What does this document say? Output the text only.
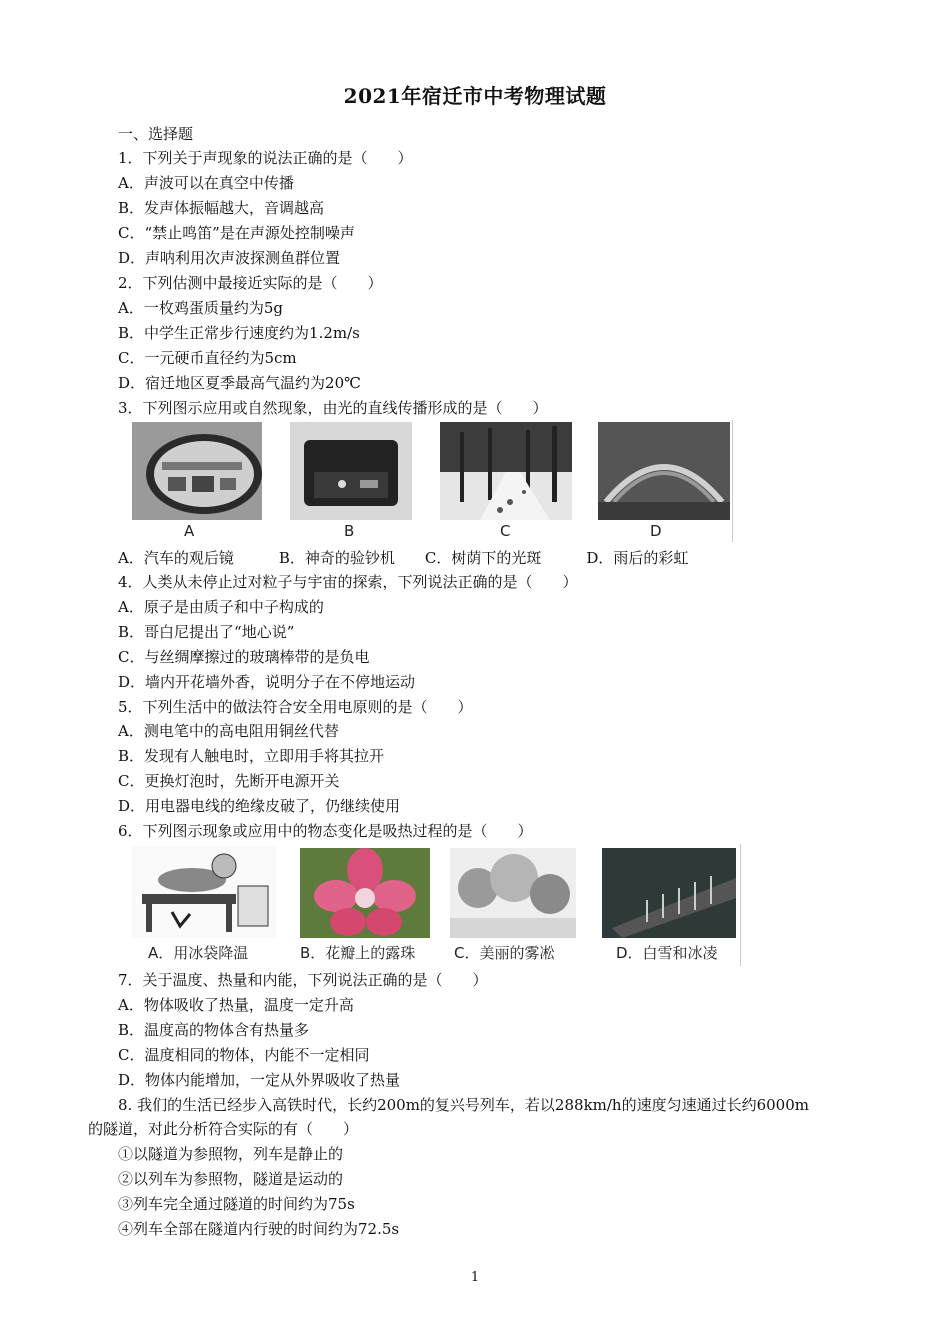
2021年宿迁市中考物理试题
一、选择题
1．下列关于声现象的说法正确的是（　　）
A．声波可以在真空中传播
B．发声体振幅越大，音调越高
C．“禁止鸣笛”是在声源处控制噪声
D．声呐利用次声波探测鱼群位置
2．下列估测中最接近实际的是（　　）
A．一枚鸡蛋质量约为5g
B．中学生正常步行速度约为1.2m/s
C．一元硬币直径约为5cm
D．宿迁地区夏季最高气温约为20℃
3．下列图示应用或自然现象，由光的直线传播形成的是（　　）
A	B	C	D
A．汽车的观后镜　　　B．神奇的验钞机　　C．树荫下的光斑　　　D．雨后的彩虹
4．人类从未停止过对粒子与宇宙的探索，下列说法正确的是（　　）
A．原子是由质子和中子构成的
B．哥白尼提出了“地心说”
C．与丝绸摩擦过的玻璃棒带的是负电
D．墙内开花墙外香，说明分子在不停地运动
5．下列生活中的做法符合安全用电原则的是（　　）
A．测电笔中的高电阻用铜丝代替
B．发现有人触电时，立即用手将其拉开
C．更换灯泡时，先断开电源开关
D．用电器电线的绝缘皮破了，仍继续使用
6．下列图示现象或应用中的物态变化是吸热过程的是（　　）
A．用冰袋降温	B．花瓣上的露珠	C．美丽的雾凇	D．白雪和冰凌
7．关于温度、热量和内能，下列说法正确的是（　　）
A．物体吸收了热量，温度一定升高
B．温度高的物体含有热量多
C．温度相同的物体，内能不一定相同
D．物体内能增加，一定从外界吸收了热量
8. 我们的生活已经步入高铁时代，长约200m的复兴号列车，若以288km/h的速度匀速通过长约6000m
的隧道，对此分析符合实际的有（　　）
①以隧道为参照物，列车是静止的
②以列车为参照物，隧道是运动的
③列车完全通过隧道的时间约为75s
④列车全部在隧道内行驶的时间约为72.5s
1
